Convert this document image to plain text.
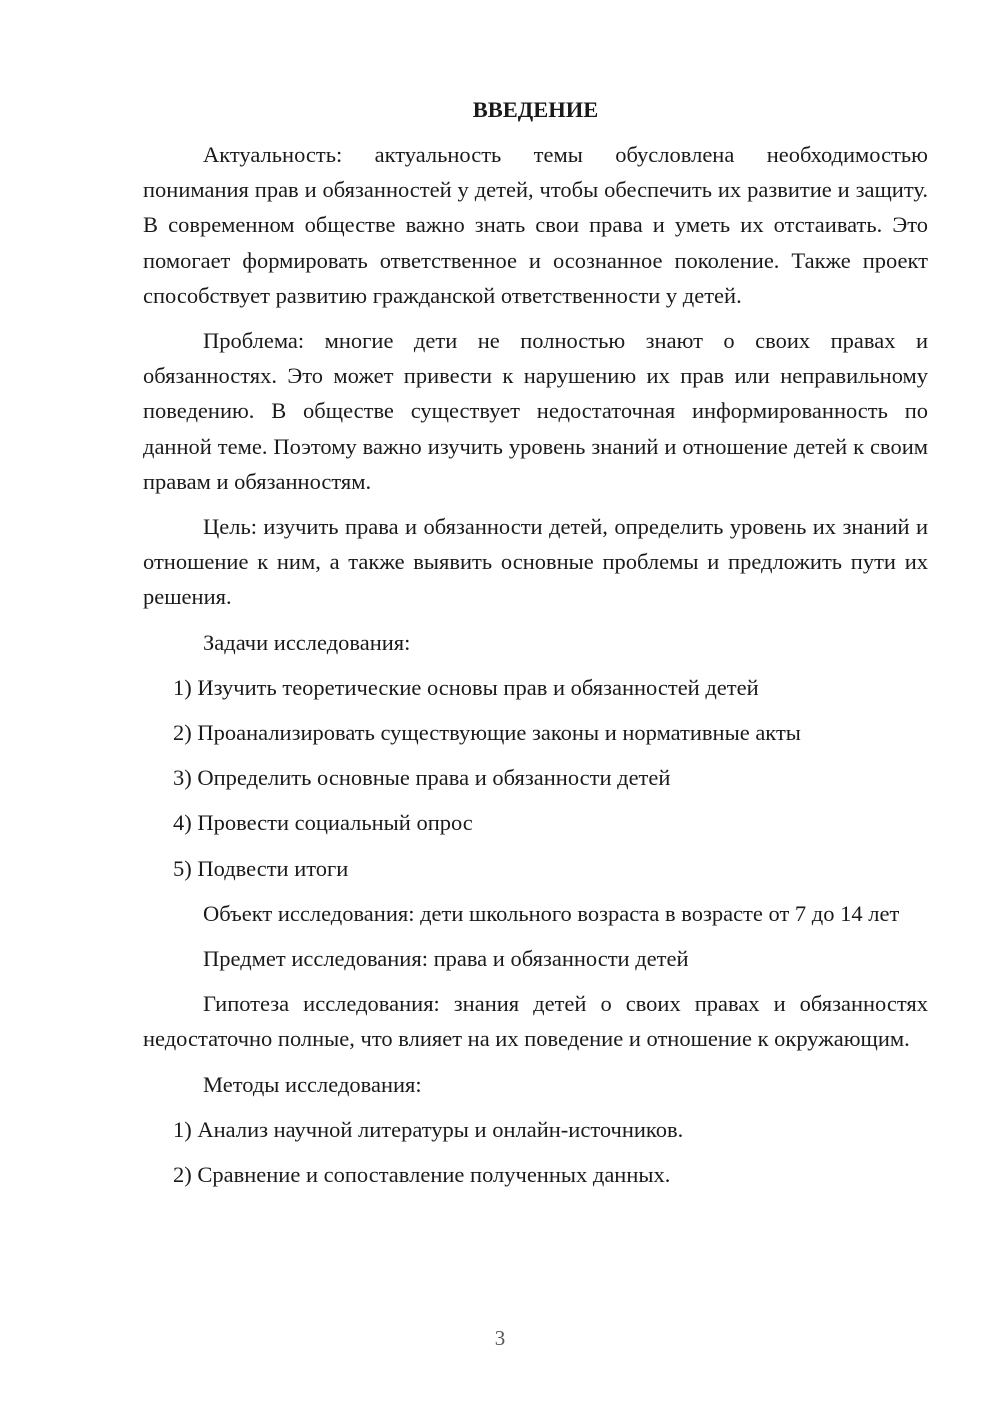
ВВЕДЕНИЕ
Актуальность: актуальность темы обусловлена необходимостью понимания прав и обязанностей у детей, чтобы обеспечить их развитие и защиту. В современном обществе важно знать свои права и уметь их отстаивать. Это помогает формировать ответственное и осознанное поколение. Также проект способствует развитию гражданской ответственности у детей.
Проблема: многие дети не полностью знают о своих правах и обязанностях. Это может привести к нарушению их прав или неправильному поведению. В обществе существует недостаточная информированность по данной теме. Поэтому важно изучить уровень знаний и отношение детей к своим правам и обязанностям.
Цель: изучить права и обязанности детей, определить уровень их знаний и отношение к ним, а также выявить основные проблемы и предложить пути их решения.
Задачи исследования:
1) Изучить теоретические основы прав и обязанностей детей
2) Проанализировать существующие законы и нормативные акты
3) Определить основные права и обязанности детей
4) Провести социальный опрос
5) Подвести итоги
Объект исследования: дети школьного возраста в возрасте от 7 до 14 лет
Предмет исследования: права и обязанности детей
Гипотеза исследования: знания детей о своих правах и обязанностях недостаточно полные, что влияет на их поведение и отношение к окружающим.
Методы исследования:
1) Анализ научной литературы и онлайн-источников.
2) Сравнение и сопоставление полученных данных.
3
